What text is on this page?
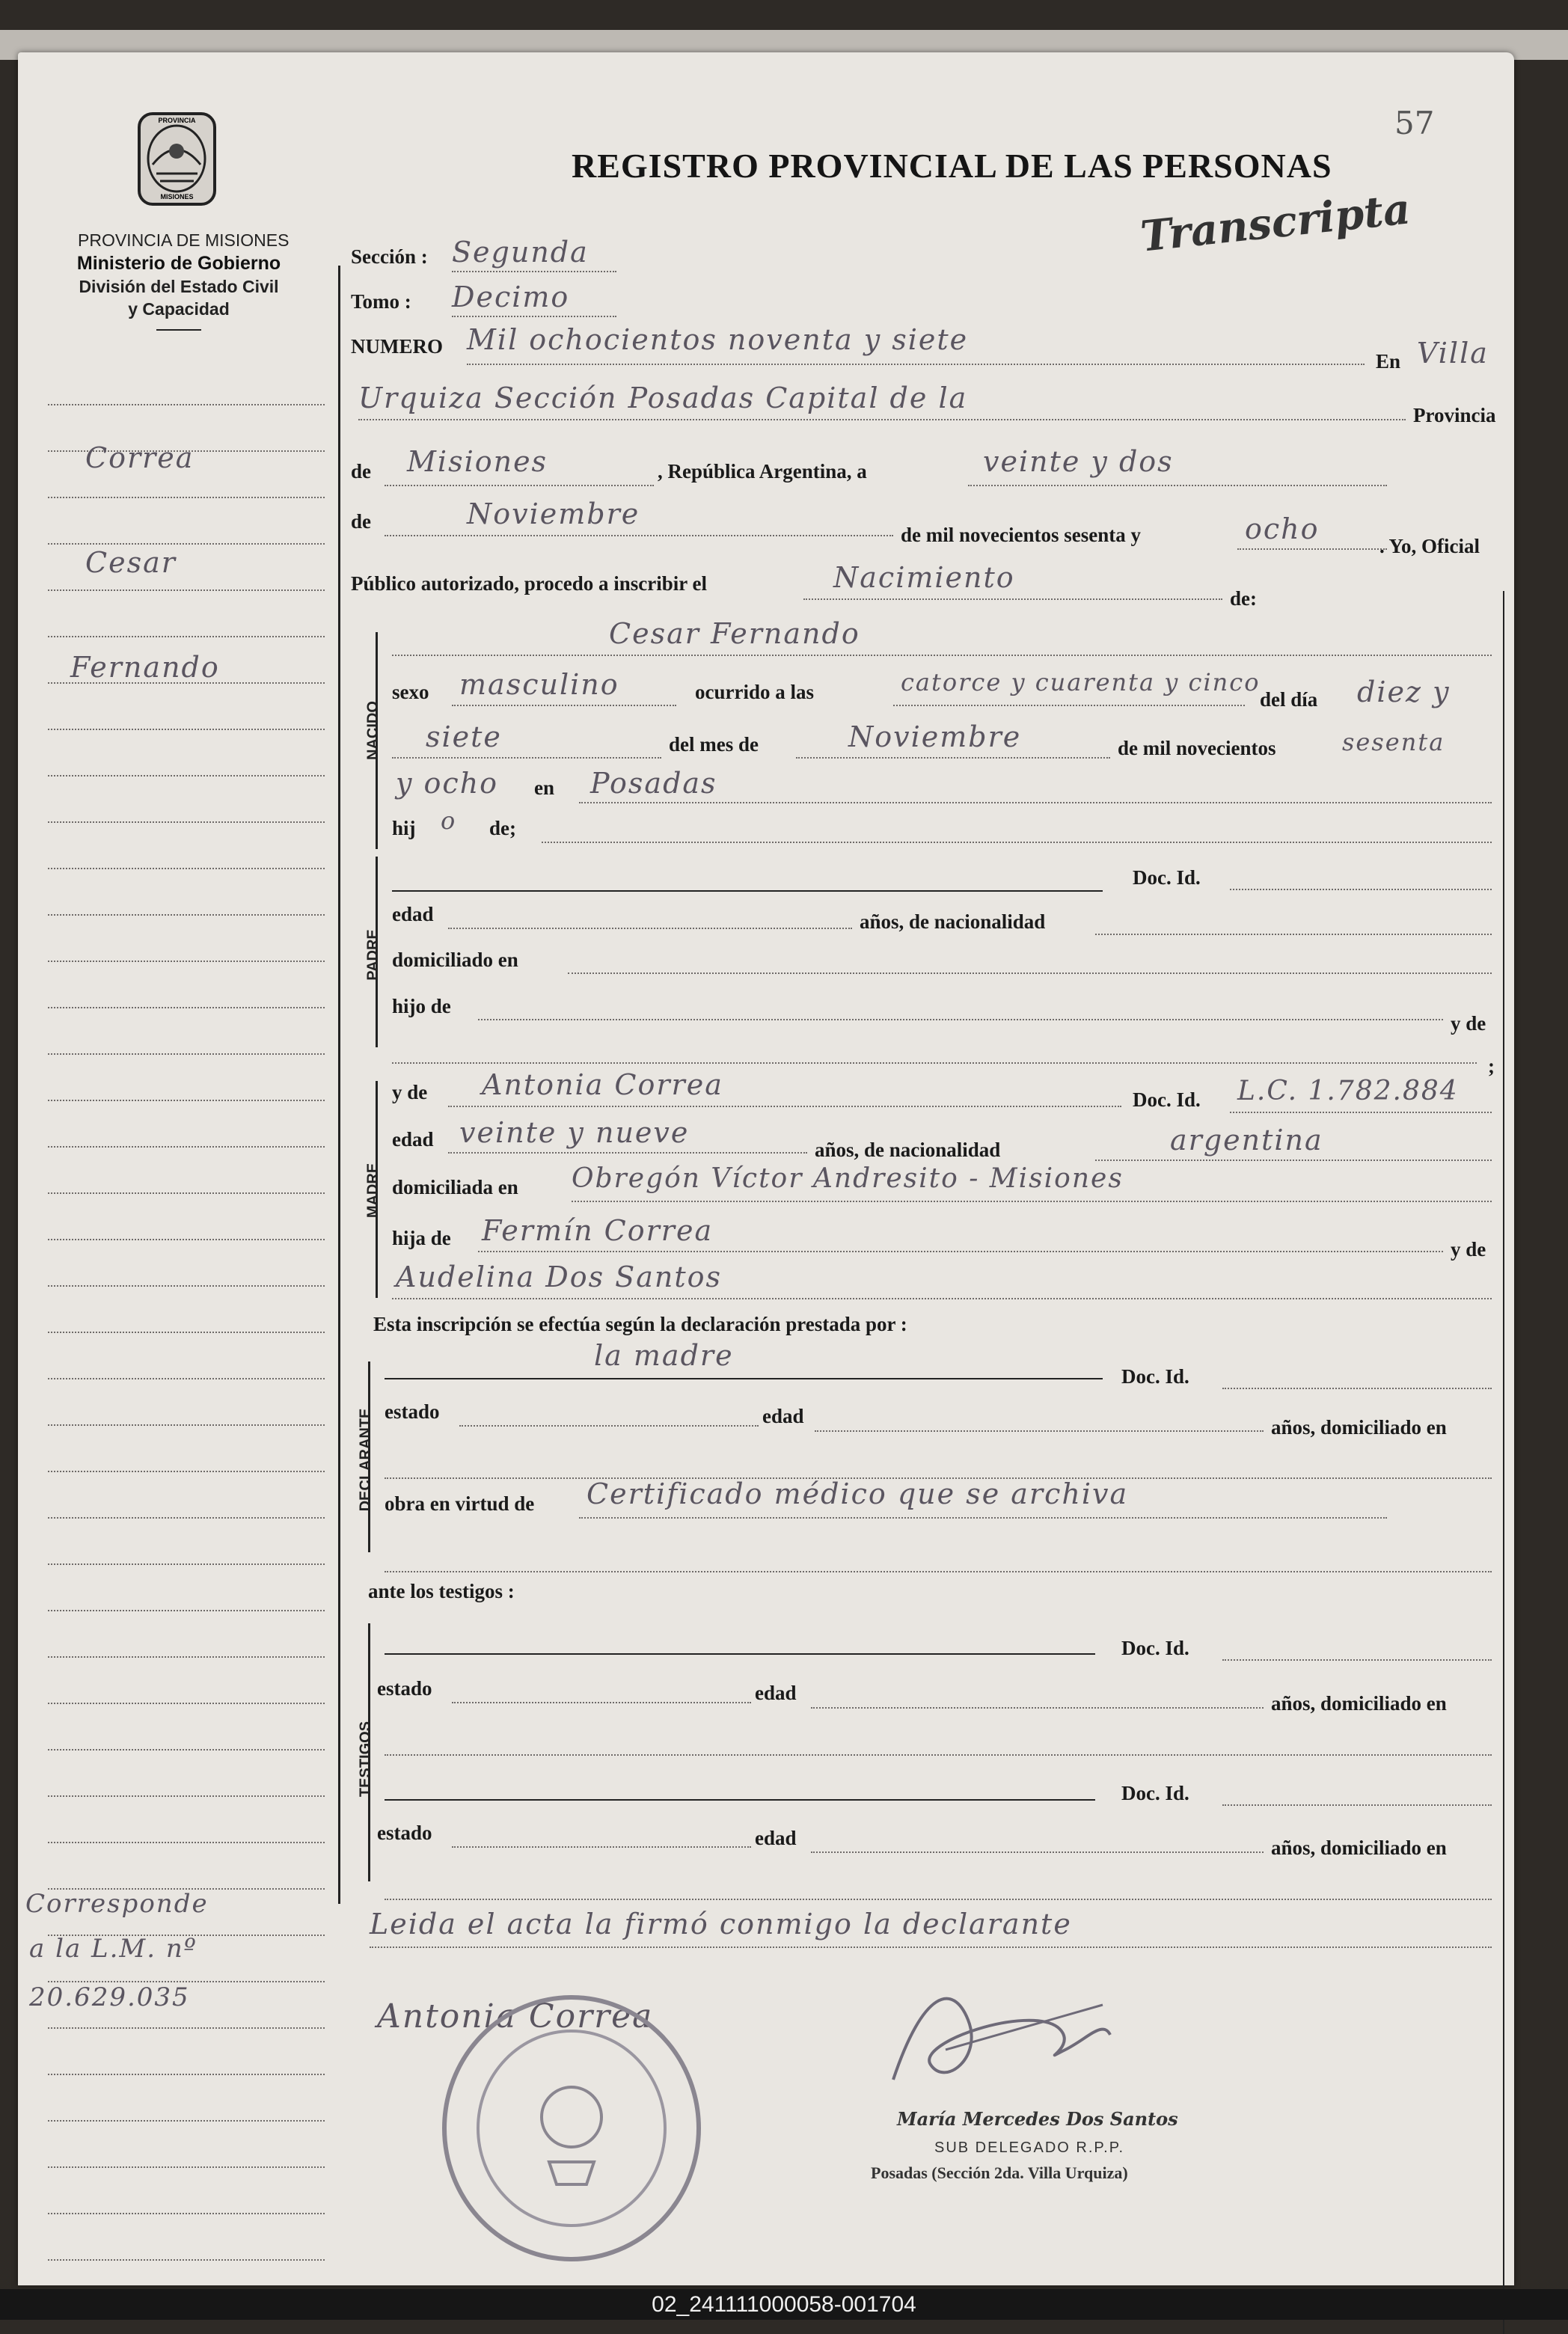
57
REGISTRO PROVINCIAL DE LAS PERSONAS
PROVINCIA
MISIONES
PROVINCIA DE MISIONES
Ministerio de Gobierno
División del Estado Civil
y Capacidad
Correa
Cesar
Fernando
Corresponde
a la L.M. nº
20.629.035
Sección : Segunda
Tomo : Decimo
Transcripta
NUMERO Mil ochocientos noventa y siete
En Villa
Urquiza Sección Posadas Capital de la
Provincia
de Misiones	, República Argentina, a	veinte y dos
de	Noviembre
de mil novecientos sesenta y	ocho
. Yo, Oficial
Público autorizado, procedo a inscribir el	Nacimiento
de:
NACIDO
Cesar Fernando
sexo masculino	ocurrido a las	catorce y cuarenta y cinco
del día diez y
siete	del mes de	Noviembre	de mil novecientos	sesenta
y ocho en Posadas
hij o de;
PADRE
Doc. Id.
edad	años, de nacionalidad
domiciliado en
hijo de
y de
;
MADRE
y de Antonia Correa	Doc. Id. L.C. 1.782.884
edad veinte y nueve
años, de nacionalidad	argentina
domiciliada en Obregón Víctor Andresito - Misiones
hija de Fermín Correa
y de
Audelina Dos Santos
Esta inscripción se efectúa según la declaración prestada por :
DECLARANTE
la madre
Doc. Id.
estado	edad	años, domiciliado en
obra en virtud de Certificado médico que se archiva
ante los testigos :
TESTIGOS
Doc. Id.
estado	edad	años, domiciliado en
Doc. Id.
estado	edad	años, domiciliado en
Leida el acta la firmó conmigo la declarante
Antonia Correa
María Mercedes Dos Santos
SUB DELEGADO R.P.P.
Posadas (Sección 2da. Villa Urquiza)
02_241111000058-001704
